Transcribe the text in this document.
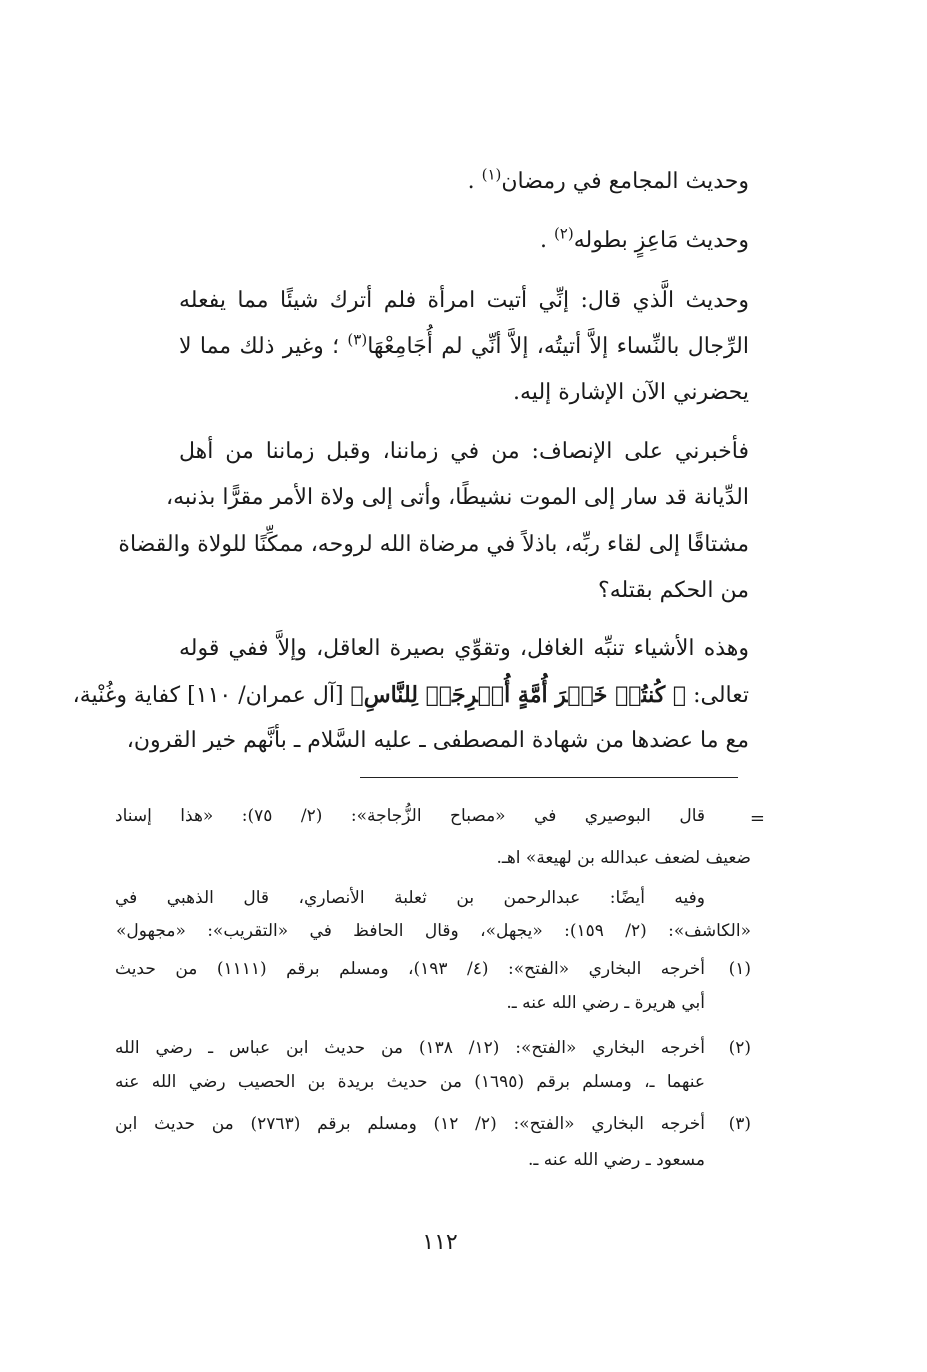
وحديث المجامع في رمضان$^{(١)}$ .
وحديث مَاعِزٍ بطوله$^{(٢)}$ .
وحديث الَّذي قال: إنِّي أتيت امرأة فلم أترك شيئًا مما يفعله
الرِّجال بالنِّساء إلاَّ أتيتُه، إلاَّ أنِّي لم أُجَامِعْهَا$^{(٣)}$ ؛ وغير ذلك مما لا
يحضرني الآن الإشارة إليه.
فأخبرني على الإنصاف: من في زماننا، وقبل زماننا من أهل
الدِّيانة قد سار إلى الموت نشيطًا، وأتى إلى ولاة الأمر مقرًّا بذنبه،
مشتاقًا إلى لقاء ربِّه، باذلاً في مرضاة الله لروحه، ممكِّنًا للولاة والقضاة
من الحكم بقتله؟
وهذه الأشياء تنبِّه الغافل، وتقوِّي بصيرة العاقل، وإلاَّ ففي قوله
تعالى: ﴿ كُنتُمۡ خَيۡرَ أُمَّةٍ أُخۡرِجَتۡ لِلنَّاسِ﴾ [آل عمران/ ١١٠] كفاية وغُنْية،
مع ما عضدها من شهادة المصطفى ـ عليه السَّلام ـ بأنَّهم خير القرون،
=
قال البوصيري في «مصباح الزُّجاجة»: (٢/ ٧٥): «هذا إسناد
ضعيف لضعف عبدالله بن لهيعة» اهـ.
وفيه أيضًا: عبدالرحمن بن ثعلبة الأنصاري، قال الذهبي في
«الكاشف»: (٢/ ١٥٩): «يجهل»، وقال الحافظ في «التقريب»: «مجهول»
(١)
أخرجه البخاري «الفتح»: (٤/ ١٩٣)، ومسلم برقم (١١١١) من حديث
أبي هريرة ـ رضي الله عنه ـ.
(٢)
أخرجه البخاري «الفتح»: (١٢/ ١٣٨) من حديث ابن عباس ـ رضي الله
عنهما ـ، ومسلم برقم (١٦٩٥) من حديث بريدة بن الحصيب رضي الله عنه
(٣)
أخرجه البخاري «الفتح»: (٢/ ١٢) ومسلم برقم (٢٧٦٣) من حديث ابن
مسعود ـ رضي الله عنه ـ.
١١٢
